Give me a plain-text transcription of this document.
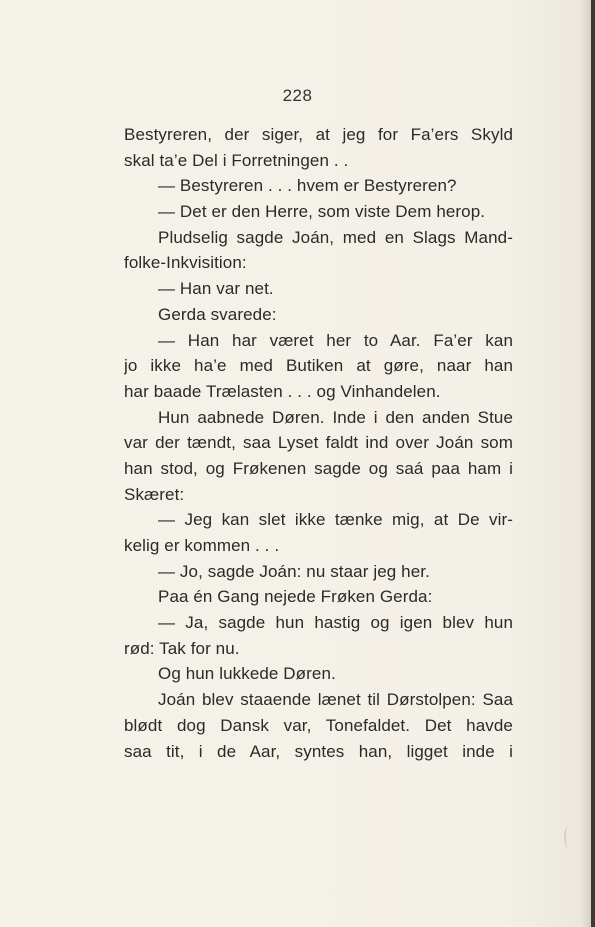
228
Bestyreren, der siger, at jeg for Fa’ers Skyld
skal ta’e Del i Forretningen . .
— Bestyreren . . . hvem er Bestyreren?
— Det er den Herre, som viste Dem herop.
Pludselig sagde Joán, med en Slags Mand-
folke-Inkvisition:
— Han var net.
Gerda svarede:
— Han har været her to Aar. Fa’er kan
jo ikke ha’e med Butiken at gøre, naar han
har baade Trælasten . . . og Vinhandelen.
Hun aabnede Døren. Inde i den anden Stue
var der tændt, saa Lyset faldt ind over Joán som
han stod, og Frøkenen sagde og saá paa ham i
Skæret:
— Jeg kan slet ikke tænke mig, at De vir-
kelig er kommen . . .
— Jo, sagde Joán: nu staar jeg her.
Paa én Gang nejede Frøken Gerda:
— Ja, sagde hun hastig og igen blev hun
rød: Tak for nu.
Og hun lukkede Døren.
Joán blev staaende lænet til Dørstolpen: Saa
blødt dog Dansk var, Tonefaldet. Det havde
saa tit, i de Aar, syntes han, ligget inde i
